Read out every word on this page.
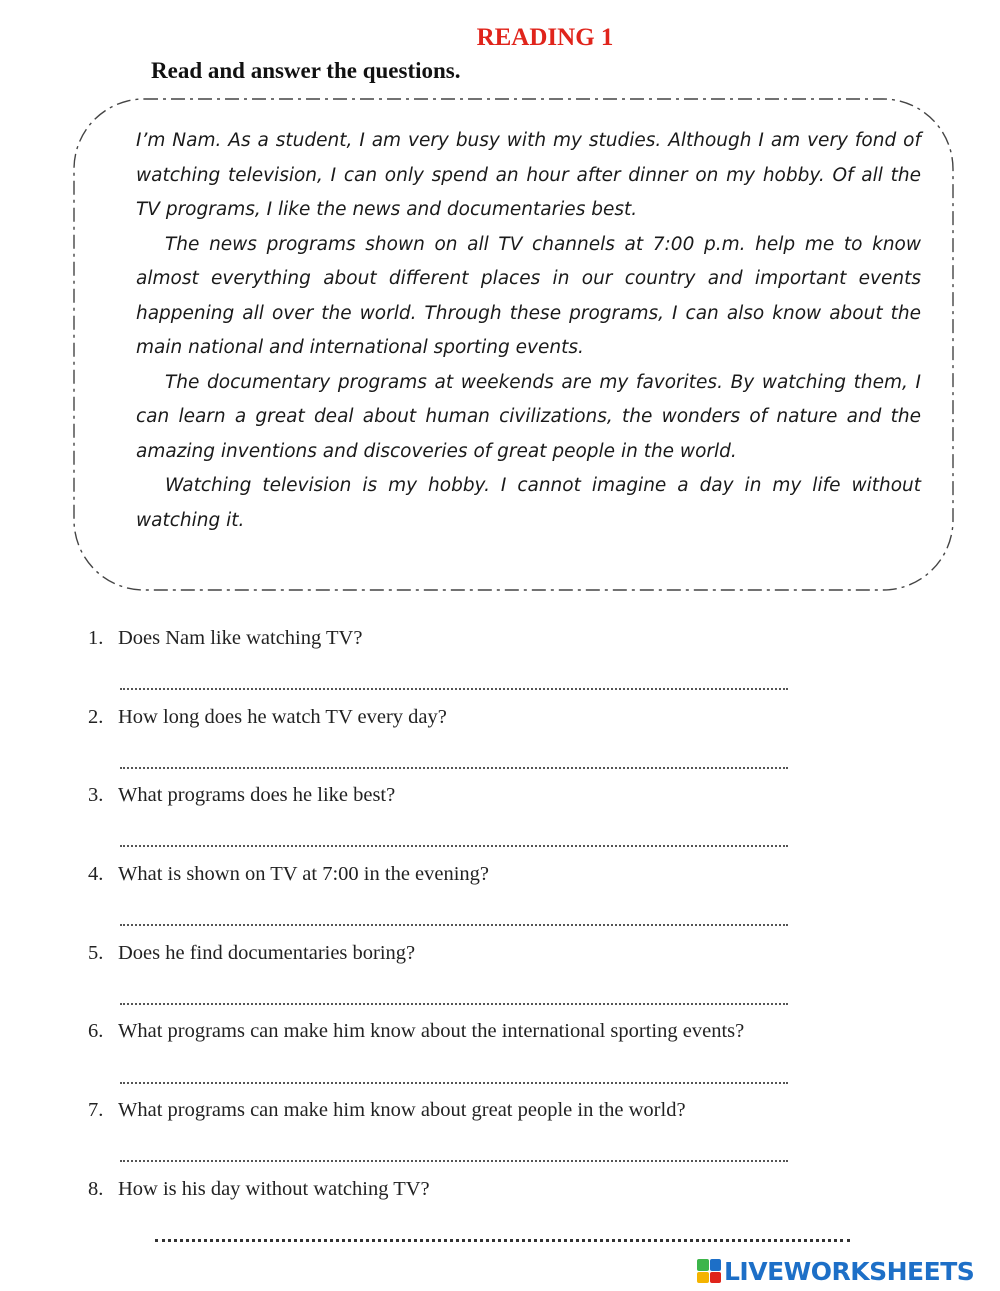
READING 1
Read and answer the questions.

I’m Nam. As a student, I am very busy with my studies. Although I am very fond of watching television, I can only spend an hour after dinner on my hobby. Of all the TV programs, I like the news and documentaries best.

The news programs shown on all TV channels at 7:00 p.m. help me to know almost everything about different places in our country and important events happening all over the world. Through these programs, I can also know about the main national and international sporting events.

The documentary programs at weekends are my favorites. By watching them, I can learn a great deal about human civilizations, the wonders of nature and the amazing inventions and discoveries of great people in the world.

Watching television is my hobby. I cannot imagine a day in my life without watching it.

1. Does Nam like watching TV?
2. How long does he watch TV every day?
3. What programs does he like best?
4. What is shown on TV at 7:00 in the evening?
5. Does he find documentaries boring?
6. What programs can make him know about the international sporting events?
7. What programs can make him know about great people in the world?
8. How is his day without watching TV?
LIVEWORKSHEETS
